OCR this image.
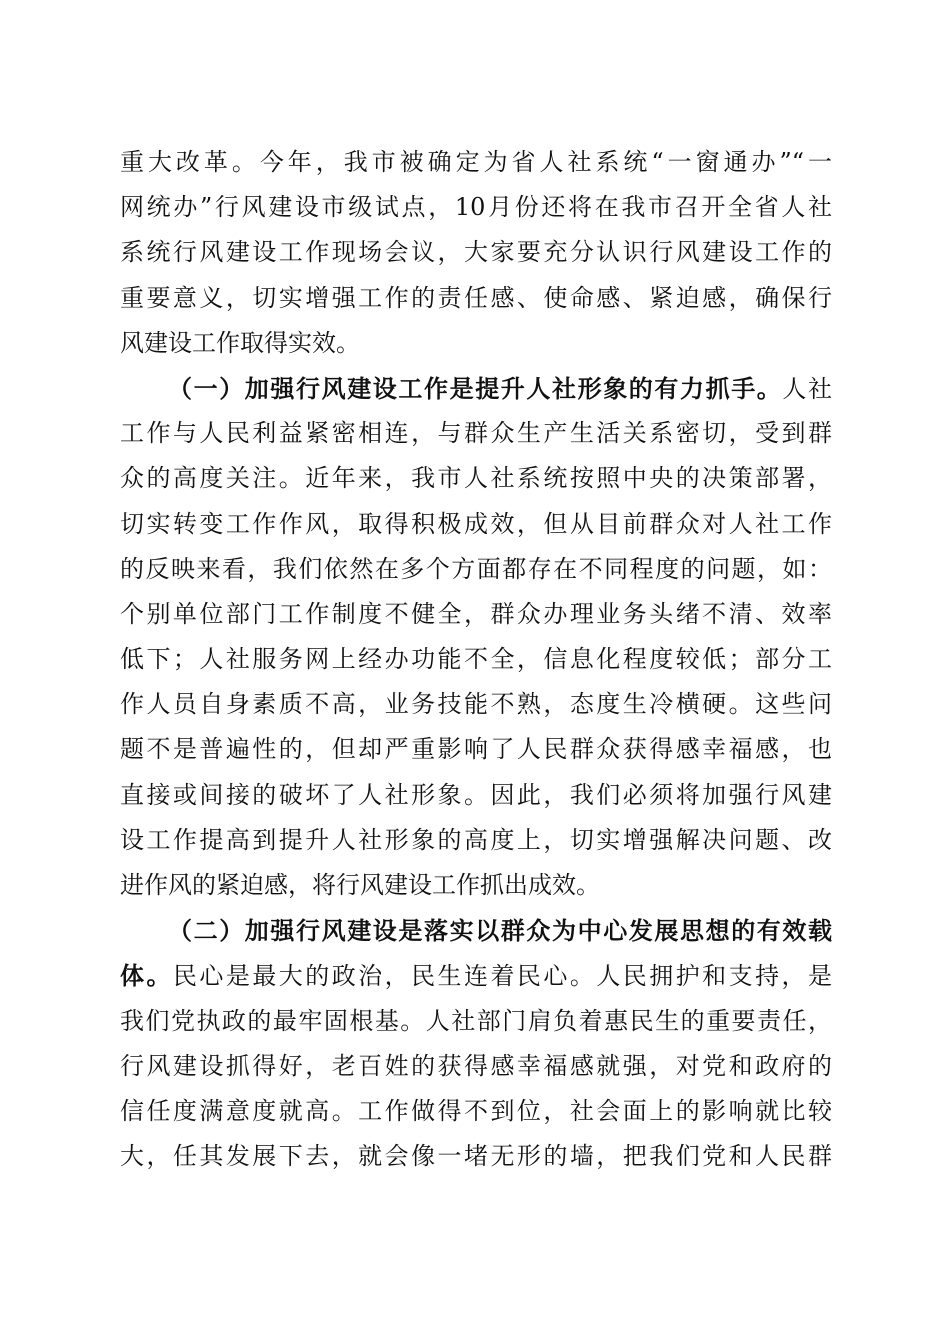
重大改革。今年，我市被确定为省人社系统“一窗通办”“一
网统办”行风建设市级试点，10月份还将在我市召开全省人社
系统行风建设工作现场会议，大家要充分认识行风建设工作的
重要意义，切实增强工作的责任感、使命感、紧迫感，确保行
风建设工作取得实效。
（一）加强行风建设工作是提升人社形象的有力抓手。人社
工作与人民利益紧密相连，与群众生产生活关系密切，受到群
众的高度关注。近年来，我市人社系统按照中央的决策部署，
切实转变工作作风，取得积极成效，但从目前群众对人社工作
的反映来看，我们依然在多个方面都存在不同程度的问题，如：
个别单位部门工作制度不健全，群众办理业务头绪不清、效率
低下；人社服务网上经办功能不全，信息化程度较低；部分工
作人员自身素质不高，业务技能不熟，态度生冷横硬。这些问
题不是普遍性的，但却严重影响了人民群众获得感幸福感，也
直接或间接的破坏了人社形象。因此，我们必须将加强行风建
设工作提高到提升人社形象的高度上，切实增强解决问题、改
进作风的紧迫感，将行风建设工作抓出成效。
（二）加强行风建设是落实以群众为中心发展思想的有效载
体。民心是最大的政治，民生连着民心。人民拥护和支持，是
我们党执政的最牢固根基。人社部门肩负着惠民生的重要责任，
行风建设抓得好，老百姓的获得感幸福感就强，对党和政府的
信任度满意度就高。工作做得不到位，社会面上的影响就比较
大，任其发展下去，就会像一堵无形的墙，把我们党和人民群
